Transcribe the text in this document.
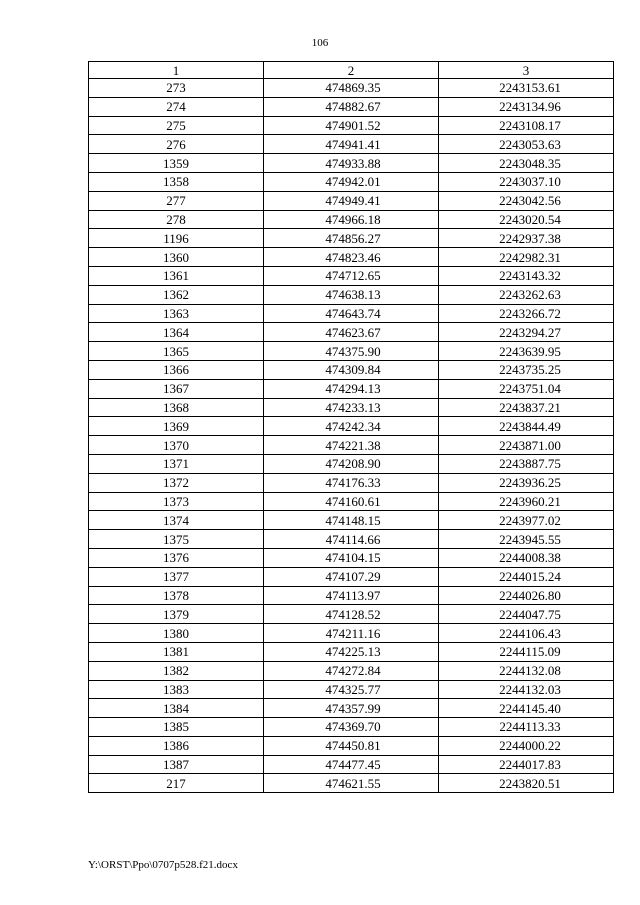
106
1	2	3
273	474869.35	2243153.61
274	474882.67	2243134.96
275	474901.52	2243108.17
276	474941.41	2243053.63
1359	474933.88	2243048.35
1358	474942.01	2243037.10
277	474949.41	2243042.56
278	474966.18	2243020.54
1196	474856.27	2242937.38
1360	474823.46	2242982.31
1361	474712.65	2243143.32
1362	474638.13	2243262.63
1363	474643.74	2243266.72
1364	474623.67	2243294.27
1365	474375.90	2243639.95
1366	474309.84	2243735.25
1367	474294.13	2243751.04
1368	474233.13	2243837.21
1369	474242.34	2243844.49
1370	474221.38	2243871.00
1371	474208.90	2243887.75
1372	474176.33	2243936.25
1373	474160.61	2243960.21
1374	474148.15	2243977.02
1375	474114.66	2243945.55
1376	474104.15	2244008.38
1377	474107.29	2244015.24
1378	474113.97	2244026.80
1379	474128.52	2244047.75
1380	474211.16	2244106.43
1381	474225.13	2244115.09
1382	474272.84	2244132.08
1383	474325.77	2244132.03
1384	474357.99	2244145.40
1385	474369.70	2244113.33
1386	474450.81	2244000.22
1387	474477.45	2244017.83
217	474621.55	2243820.51
Y:\ORST\Ppo\0707p528.f21.docx
